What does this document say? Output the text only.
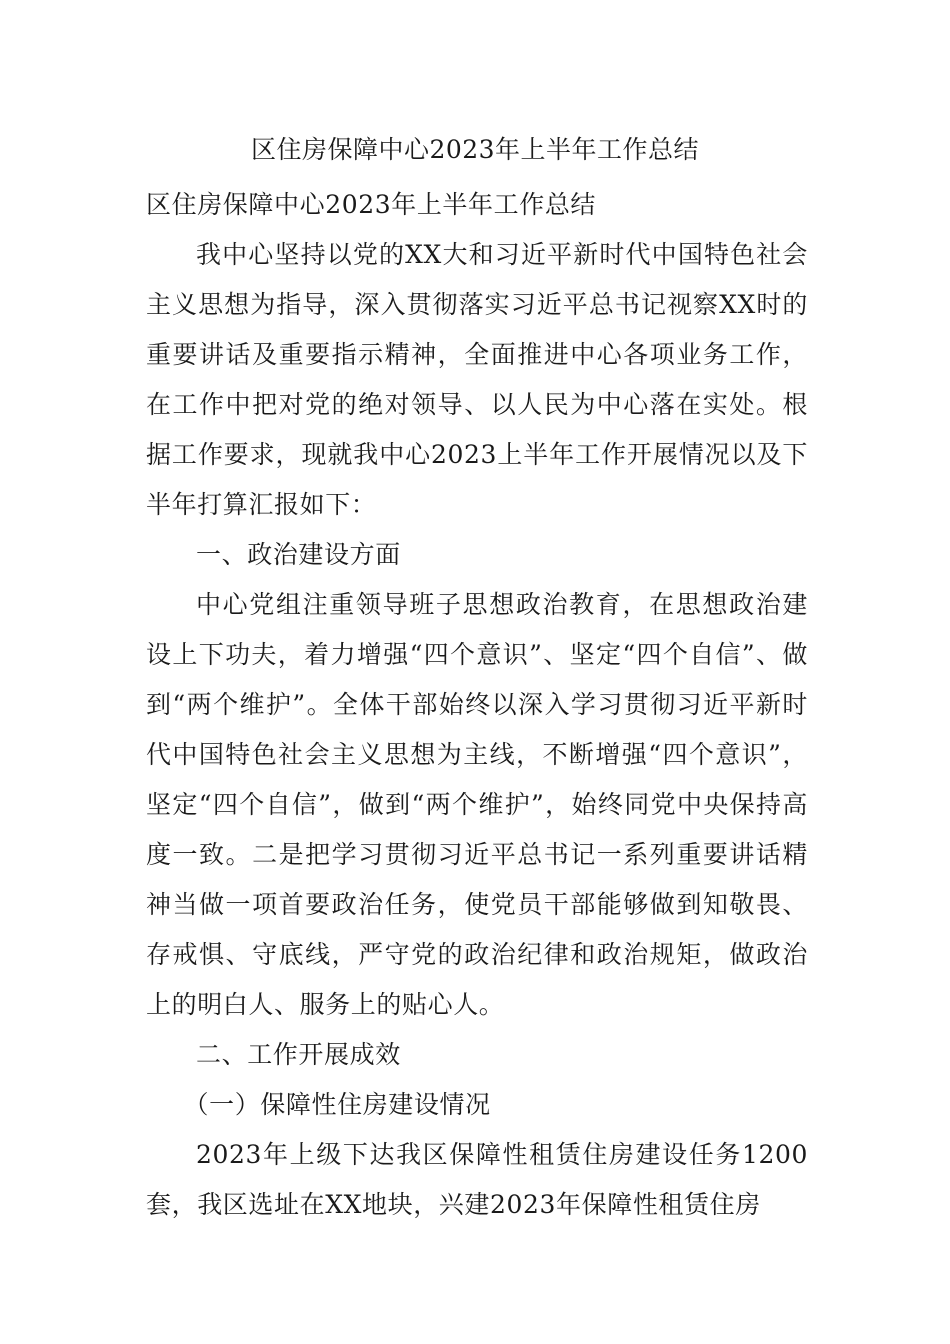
区住房保障中心2023年上半年工作总结

区住房保障中心2023年上半年工作总结

我中心坚持以党的XX大和习近平新时代中国特色社会主义思想为指导，深入贯彻落实习近平总书记视察XX时的重要讲话及重要指示精神，全面推进中心各项业务工作，在工作中把对党的绝对领导、以人民为中心落在实处。根据工作要求，现就我中心2023上半年工作开展情况以及下半年打算汇报如下：

一、政治建设方面

中心党组注重领导班子思想政治教育，在思想政治建设上下功夫，着力增强“四个意识”、坚定“四个自信”、做到“两个维护”。全体干部始终以深入学习贯彻习近平新时代中国特色社会主义思想为主线，不断增强“四个意识”，坚定“四个自信”，做到“两个维护”，始终同党中央保持高度一致。二是把学习贯彻习近平总书记一系列重要讲话精神当做一项首要政治任务，使党员干部能够做到知敬畏、存戒惧、守底线，严守党的政治纪律和政治规矩，做政治上的明白人、服务上的贴心人。

二、工作开展成效

（一）保障性住房建设情况

2023年上级下达我区保障性租赁住房建设任务1200套，我区选址在XX地块，兴建2023年保障性租赁住房
